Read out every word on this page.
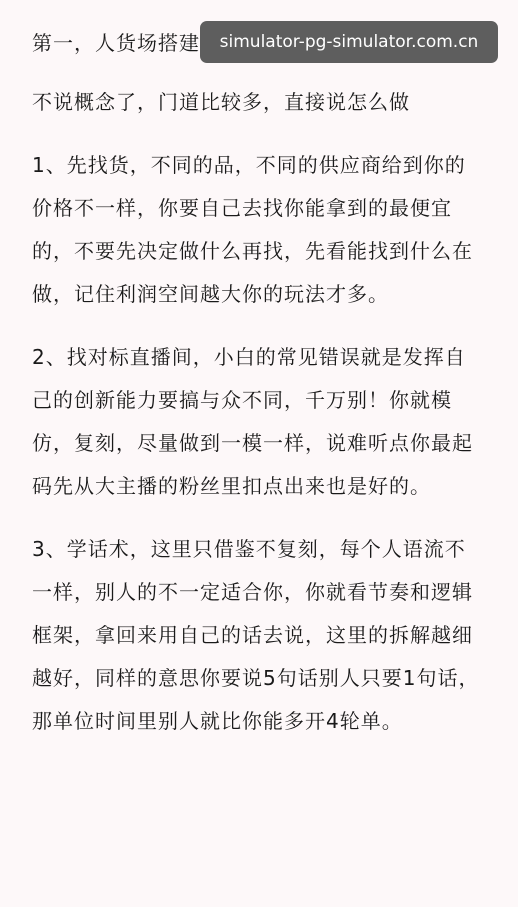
第一，人货场搭建

不说概念了，门道比较多，直接说怎么做

1、先找货，不同的品，不同的供应商给到你的价格不一样，你要自己去找你能拿到的最便宜的，不要先决定做什么再找，先看能找到什么在做，记住利润空间越大你的玩法才多。

2、找对标直播间，小白的常见错误就是发挥自己的创新能力要搞与众不同，千万别！你就模仿，复刻，尽量做到一模一样，说难听点你最起码先从大主播的粉丝里扣点出来也是好的。

3、学话术，这里只借鉴不复刻，每个人语流不一样，别人的不一定适合你，你就看节奏和逻辑框架，拿回来用自己的话去说，这里的拆解越细越好，同样的意思你要说5句话别人只要1句话，那单位时间里别人就比你能多开4轮单。

simulator-pg-simulator.com.cn
